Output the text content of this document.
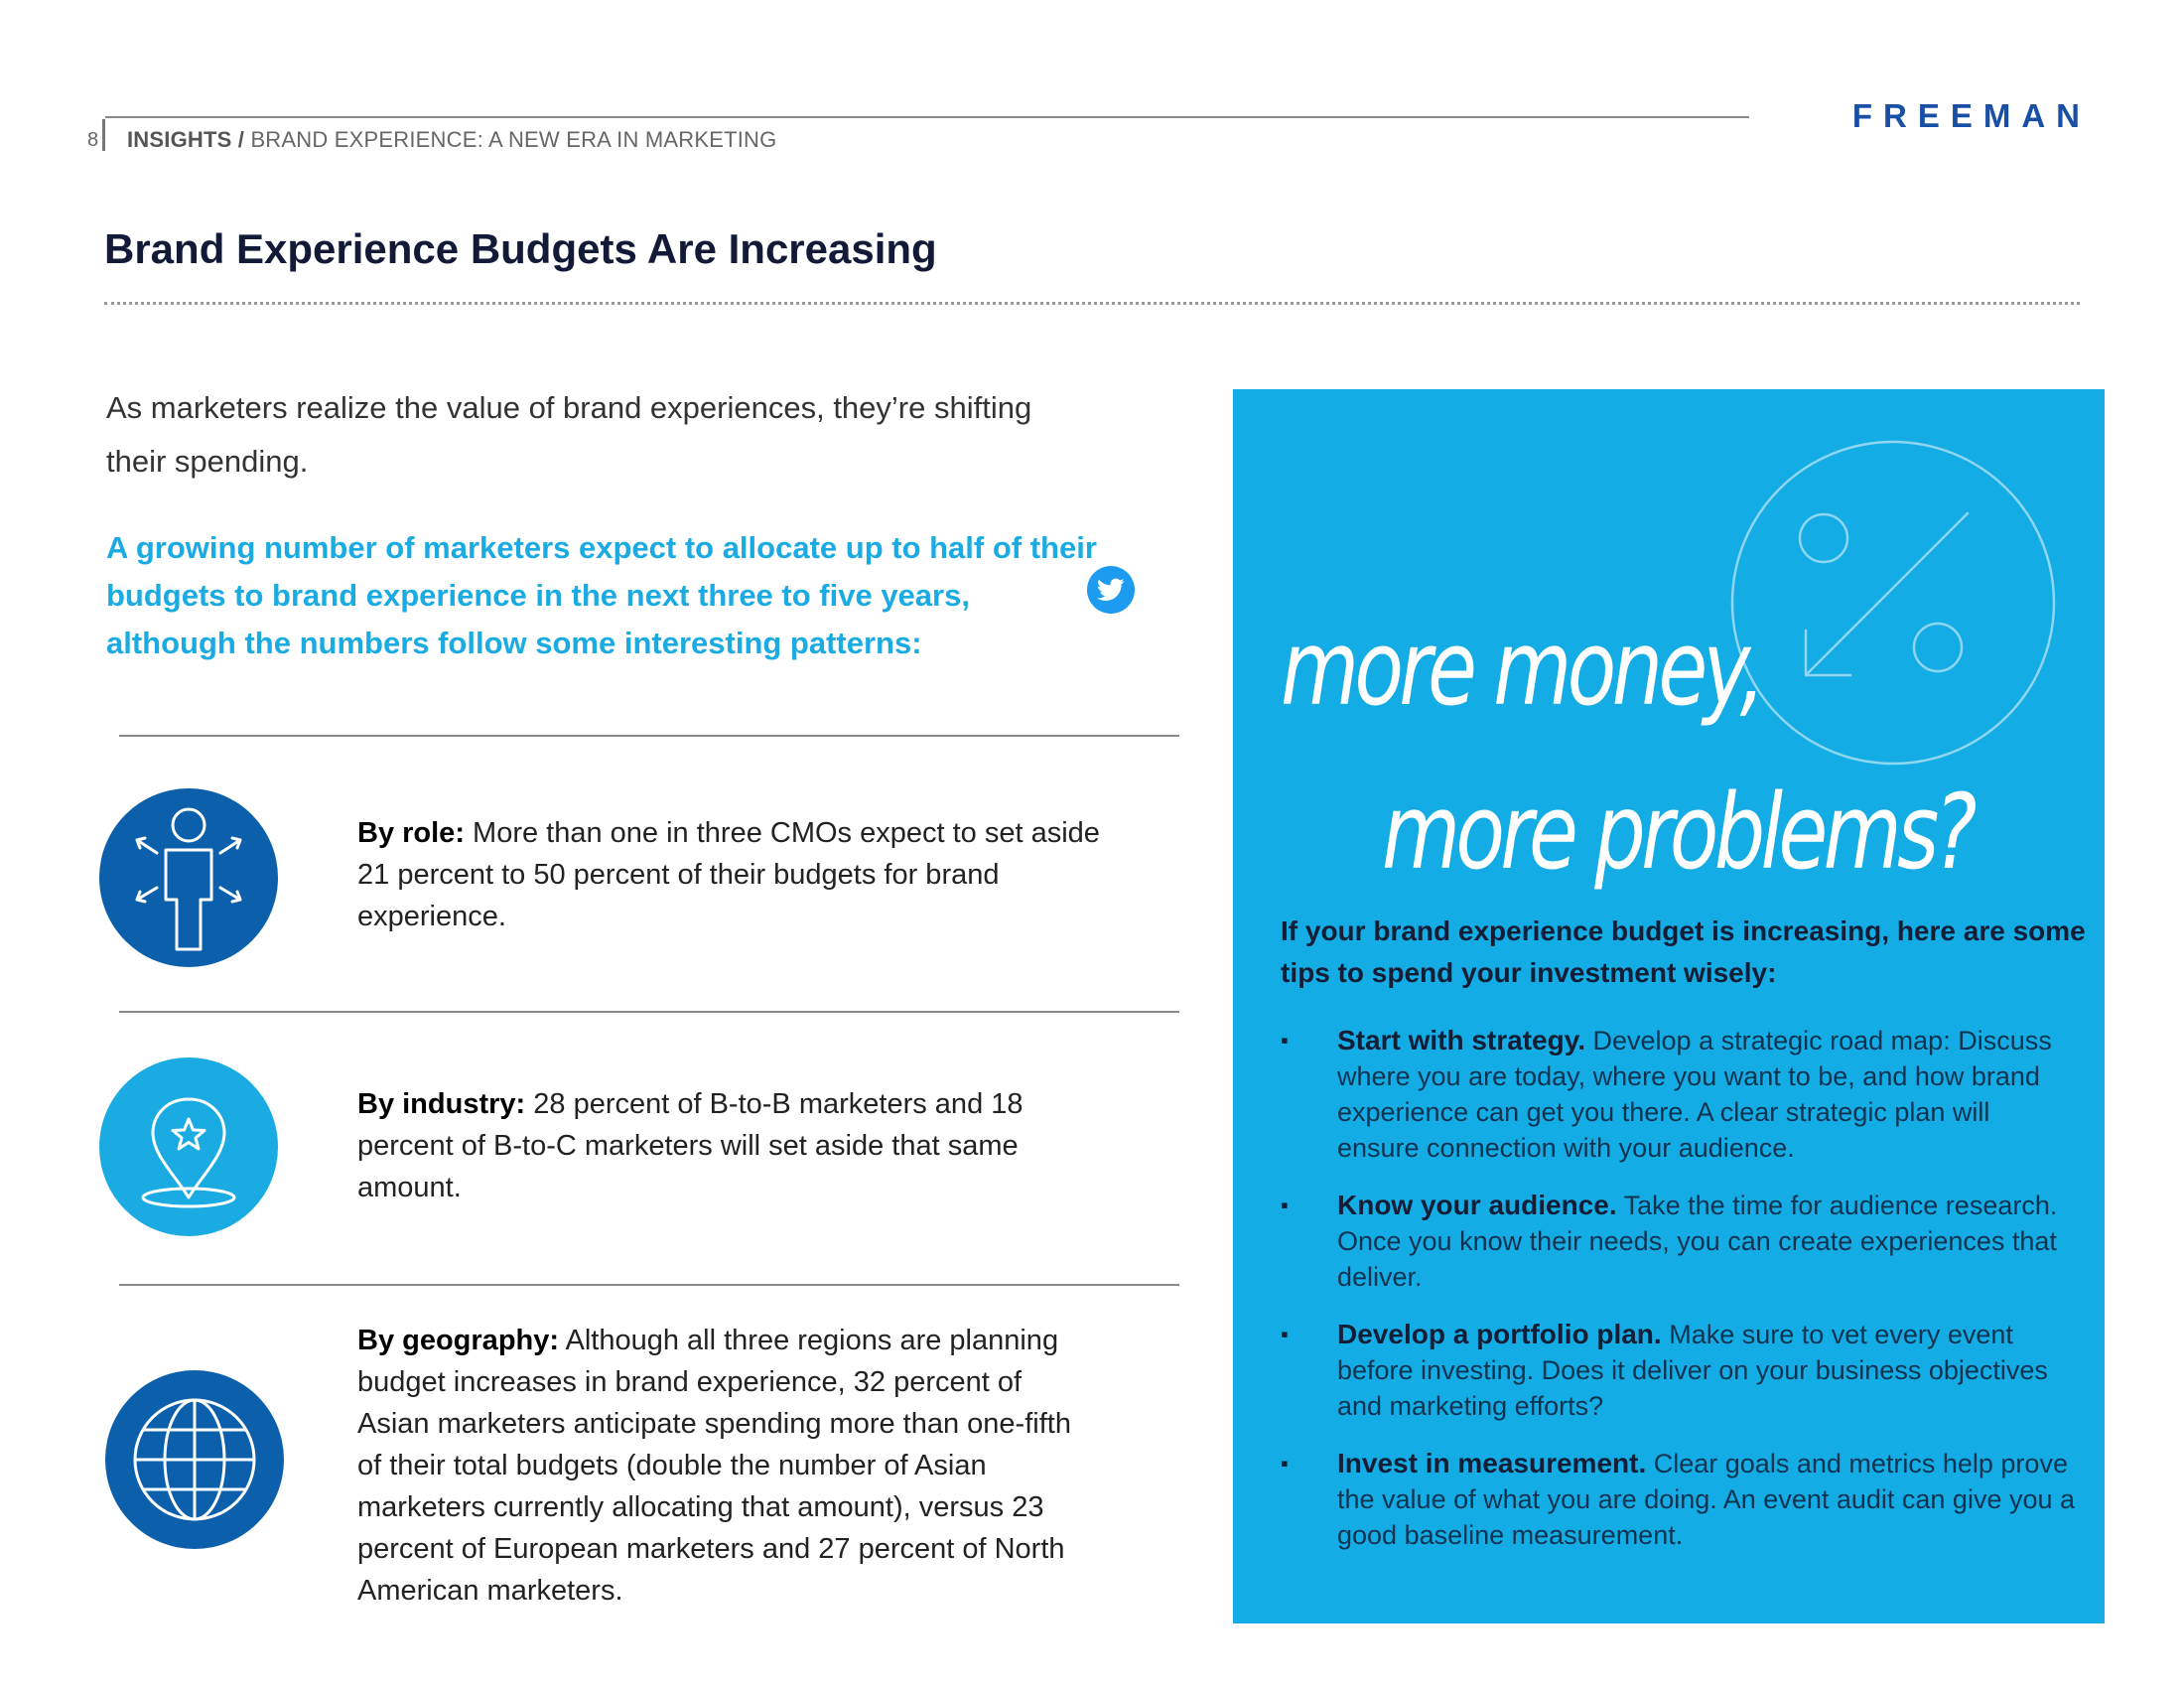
8 INSIGHTS / BRAND EXPERIENCE: A NEW ERA IN MARKETING
FREEMAN
Brand Experience Budgets Are Increasing
As marketers realize the value of brand experiences, they’re shifting their spending.
A growing number of marketers expect to allocate up to half of their budgets to brand experience in the next three to five years, although the numbers follow some interesting patterns:
By role: More than one in three CMOs expect to set aside 21 percent to 50 percent of their budgets for brand experience.
By industry: 28 percent of B-to-B marketers and 18 percent of B-to-C marketers will set aside that same amount.
By geography: Although all three regions are planning budget increases in brand experience, 32 percent of Asian marketers anticipate spending more than one-fifth of their total budgets (double the number of Asian marketers currently allocating that amount), versus 23 percent of European marketers and 27 percent of North American marketers.
more money,
more problems?
If your brand experience budget is increasing, here are some tips to spend your investment wisely:
▪ Start with strategy. Develop a strategic road map: Discuss where you are today, where you want to be, and how brand experience can get you there. A clear strategic plan will ensure connection with your audience.
▪ Know your audience. Take the time for audience research. Once you know their needs, you can create experiences that deliver.
▪ Develop a portfolio plan. Make sure to vet every event before investing. Does it deliver on your business objectives and marketing efforts?
▪ Invest in measurement. Clear goals and metrics help prove the value of what you are doing. An event audit can give you a good baseline measurement.
